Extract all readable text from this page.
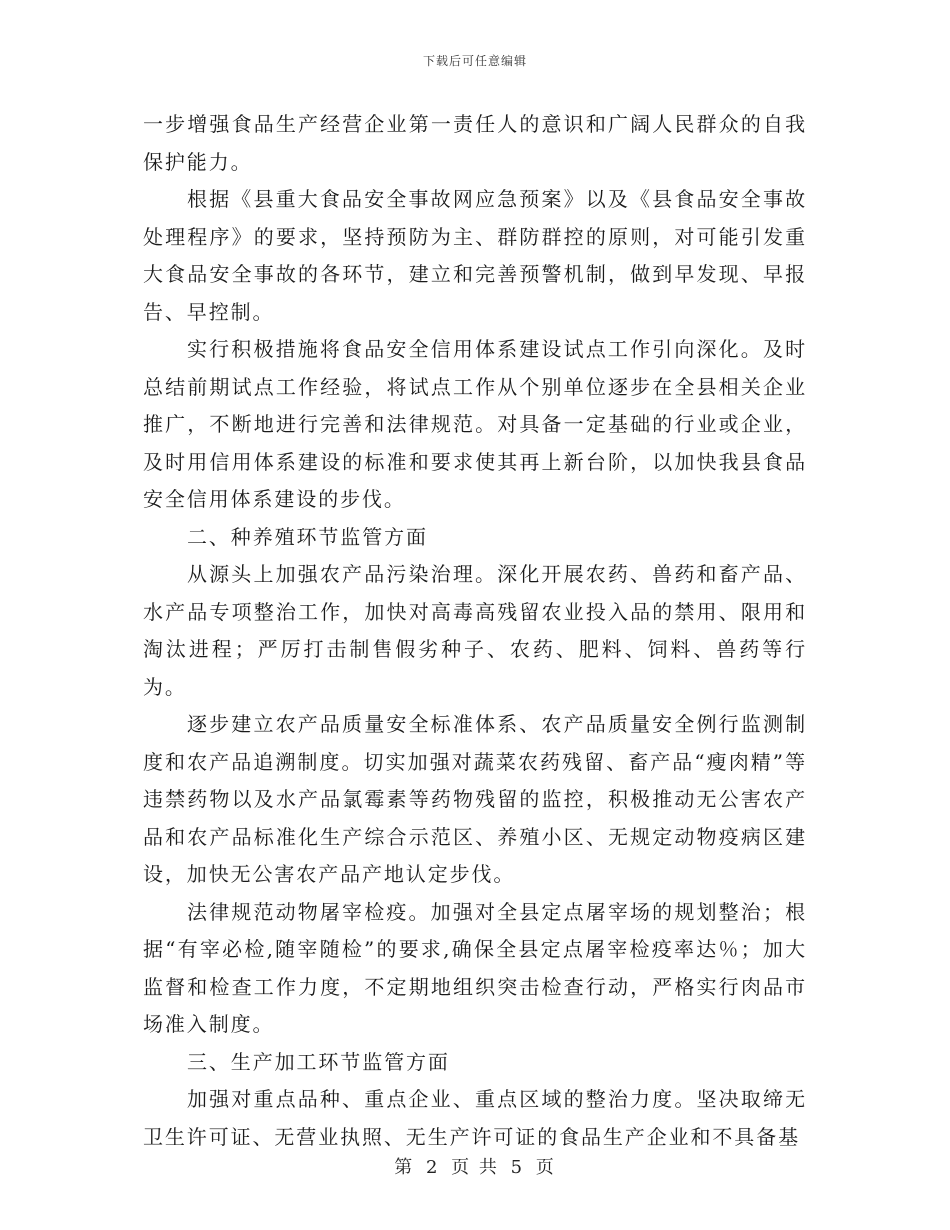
下载后可任意编辑

一步增强食品生产经营企业第一责任人的意识和广阔人民群众的自我保护能力。

根据《县重大食品安全事故网应急预案》以及《县食品安全事故处理程序》的要求，坚持预防为主、群防群控的原则，对可能引发重大食品安全事故的各环节，建立和完善预警机制，做到早发现、早报告、早控制。

实行积极措施将食品安全信用体系建设试点工作引向深化。及时总结前期试点工作经验，将试点工作从个别单位逐步在全县相关企业推广，不断地进行完善和法律规范。对具备一定基础的行业或企业，及时用信用体系建设的标准和要求使其再上新台阶，以加快我县食品安全信用体系建设的步伐。

二、种养殖环节监管方面

从源头上加强农产品污染治理。深化开展农药、兽药和畜产品、水产品专项整治工作，加快对高毒高残留农业投入品的禁用、限用和淘汰进程；严厉打击制售假劣种子、农药、肥料、饲料、兽药等行为。

逐步建立农产品质量安全标准体系、农产品质量安全例行监测制度和农产品追溯制度。切实加强对蔬菜农药残留、畜产品“瘦肉精”等违禁药物以及水产品氯霉素等药物残留的监控，积极推动无公害农产品和农产品标准化生产综合示范区、养殖小区、无规定动物疫病区建设，加快无公害农产品产地认定步伐。

法律规范动物屠宰检疫。加强对全县定点屠宰场的规划整治；根据“有宰必检,随宰随检”的要求,确保全县定点屠宰检疫率达％；加大监督和检查工作力度，不定期地组织突击检查行动，严格实行肉品市场准入制度。

三、生产加工环节监管方面

加强对重点品种、重点企业、重点区域的整治力度。坚决取缔无卫生许可证、无营业执照、无生产许可证的食品生产企业和不具备基

第 2 页 共 5 页
